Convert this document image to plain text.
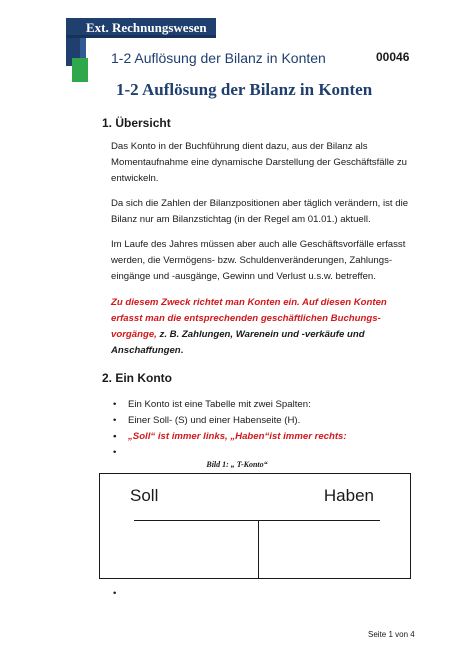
Ext. Rechnungswesen
1-2 Auflösung der Bilanz in Konten	00046
1-2 Auflösung der Bilanz in Konten
1. Übersicht

Das Konto in der Buchführung dient dazu, aus der Bilanz als Momentaufnahme eine dynamische Darstellung der Geschäftsfälle zu entwickeln.

Da sich die Zahlen der Bilanzpositionen aber täglich verändern, ist die Bilanz nur am Bilanzstichtag (in der Regel am 01.01.) aktuell.

Im Laufe des Jahres müssen aber auch alle Geschäftsvorfälle erfasst werden, die Vermögens- bzw. Schuldenveränderungen, Zahlungs-eingänge und -ausgänge, Gewinn und Verlust u.s.w. betreffen.

Zu diesem Zweck richtet man Konten ein. Auf diesen Konten erfasst man die entsprechenden geschäftlichen Buchungs-vorgänge, z. B. Zahlungen, Warenein und -verkäufe und Anschaffungen.

2. Ein Konto
• Ein Konto ist eine Tabelle mit zwei Spalten:
• Einer Soll- (S) und einer Habenseite (H).
• „Soll“ ist immer links, „Haben“ist immer rechts:
•
Bild 1: „ T-Konto“
Soll	Haben
•
Seite 1 von 4
